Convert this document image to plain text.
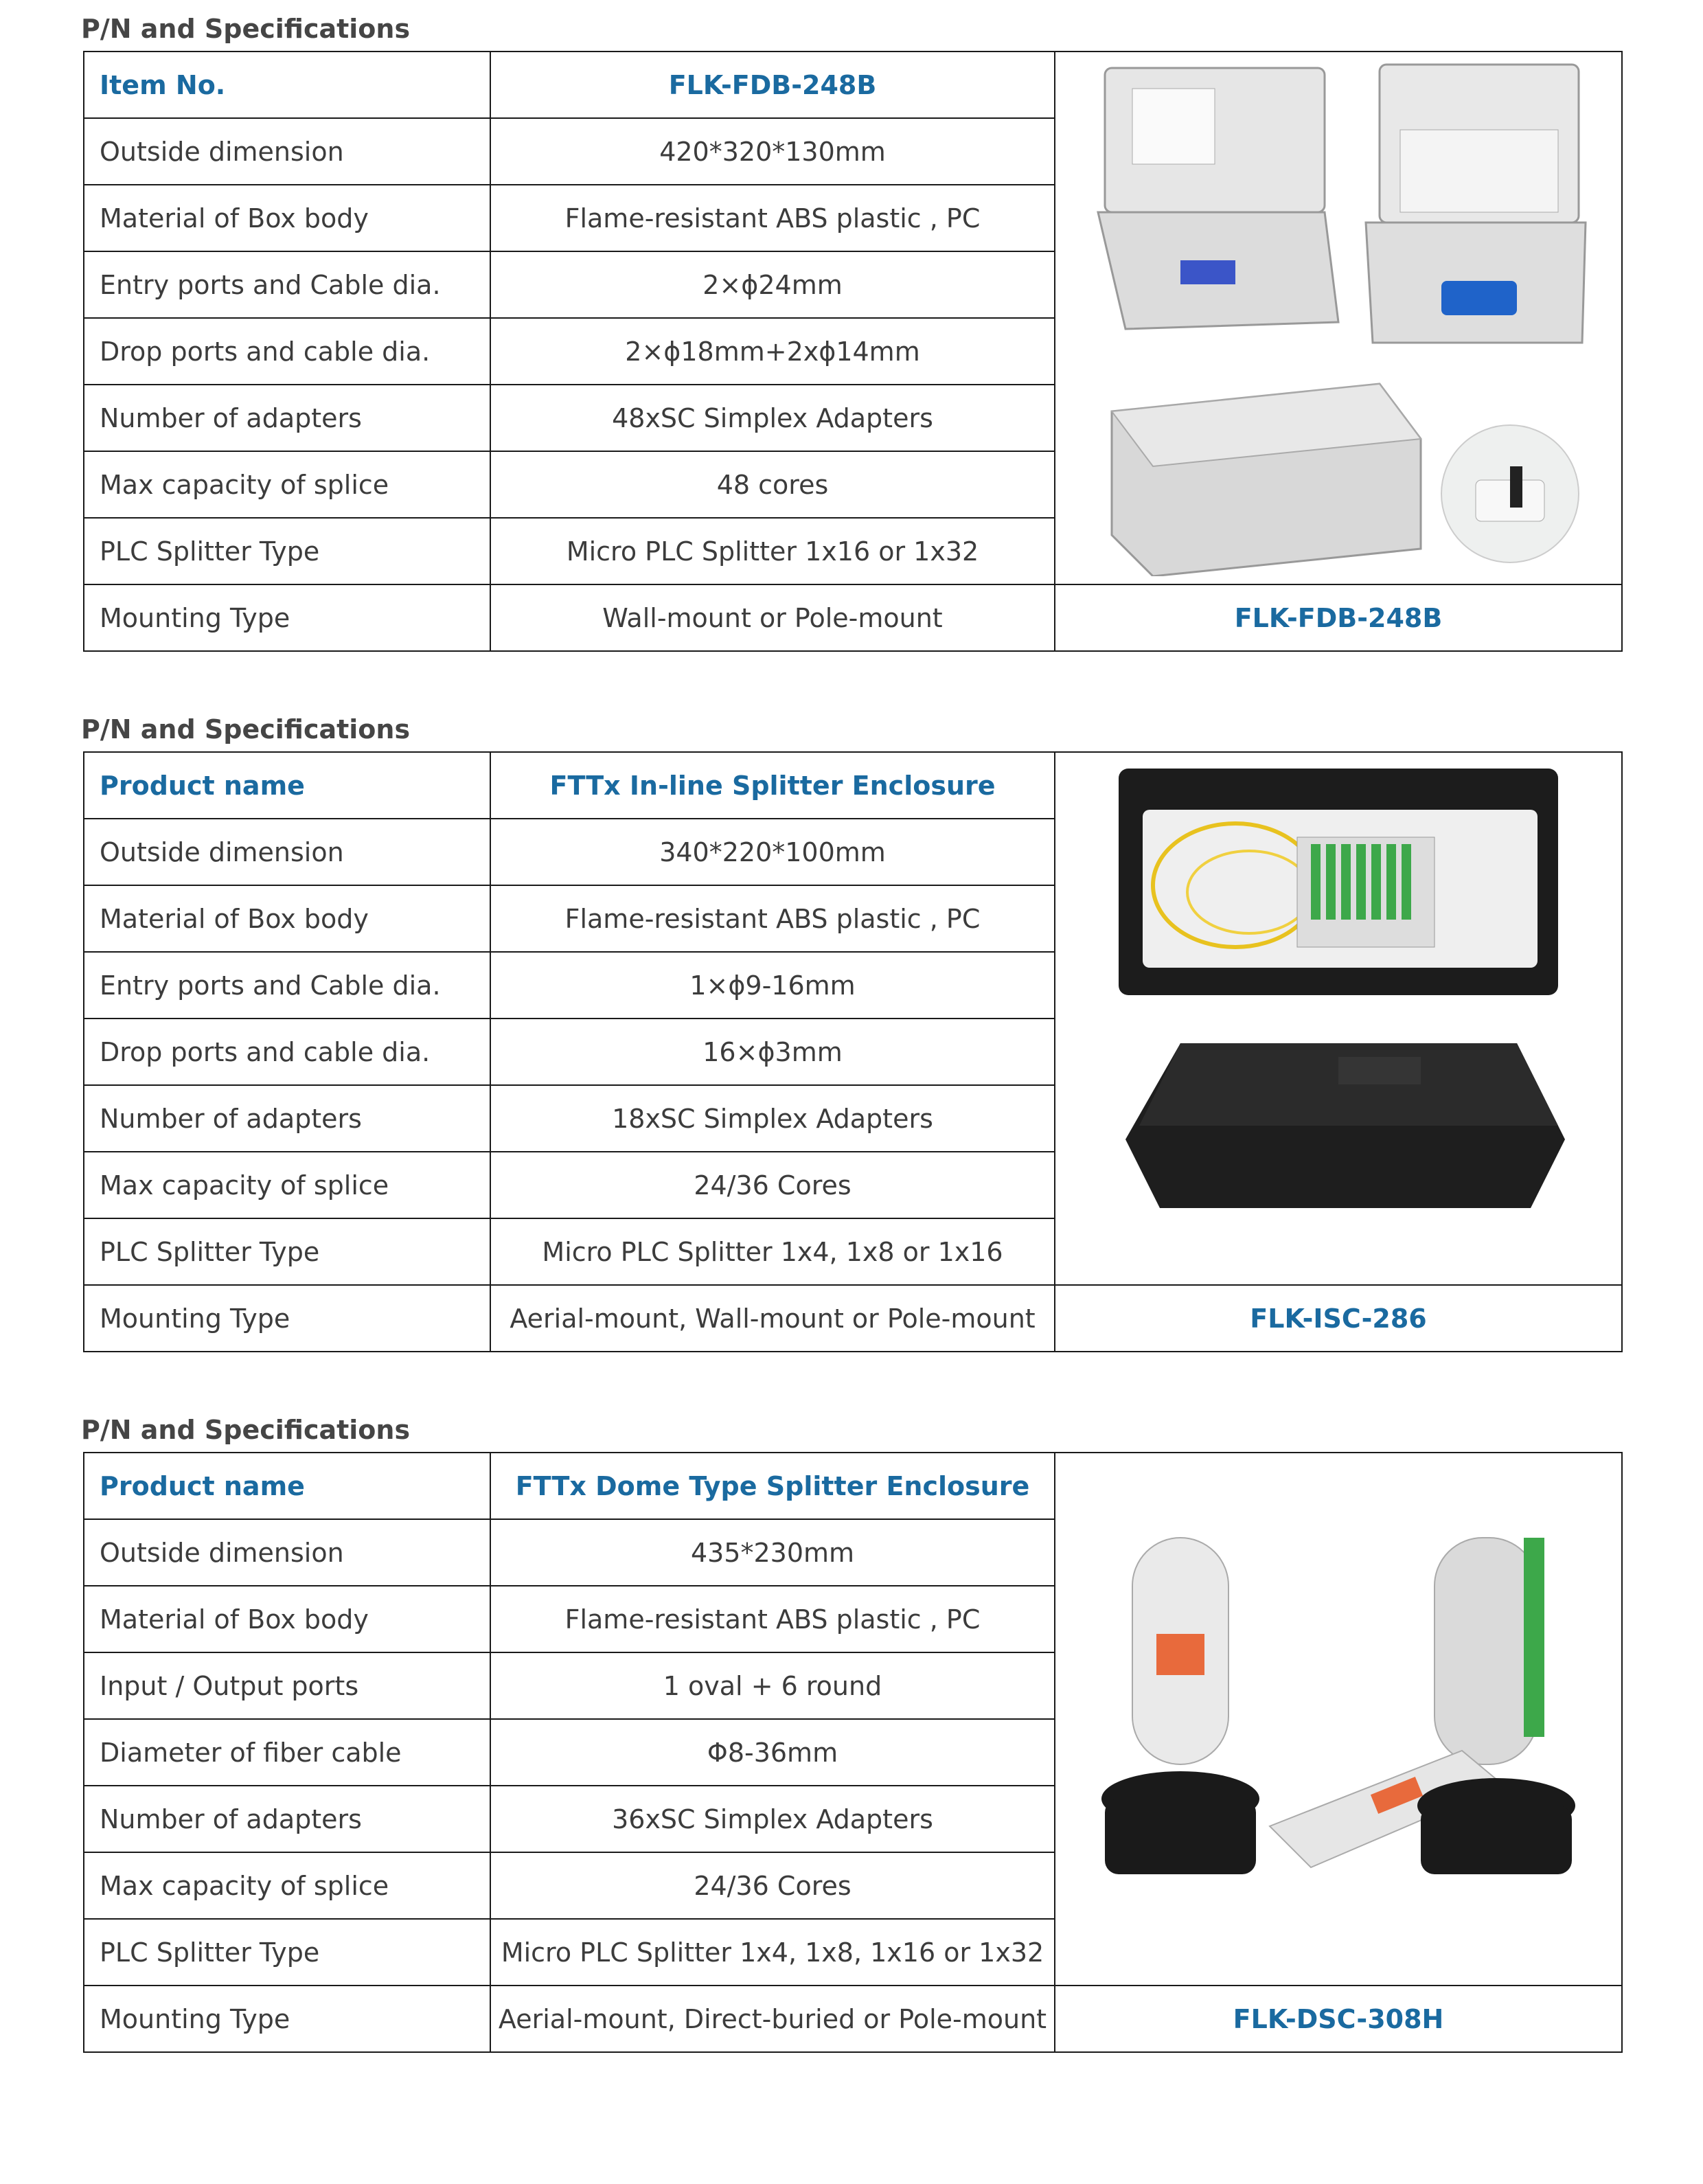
P/N and Specifications
Item No.	FLK-FDB-248B	
Outside dimension	420*320*130mm	
Material of Box body	Flame-resistant ABS plastic , PC	
Entry ports and Cable dia.	2×ϕ24mm	
Drop ports and cable dia.	2×ϕ18mm+2xϕ14mm	
Number of adapters	48xSC Simplex Adapters	
Max capacity of splice	48 cores	
PLC Splitter Type	Micro PLC Splitter 1x16 or 1x32	
Mounting Type	Wall-mount or Pole-mount	FLK-FDB-248B
P/N and Specifications
Product name	FTTx In-line Splitter Enclosure	
Outside dimension	340*220*100mm	
Material of Box body	Flame-resistant ABS plastic , PC	
Entry ports and Cable dia.	1×ϕ9-16mm	
Drop ports and cable dia.	16×ϕ3mm	
Number of adapters	18xSC Simplex Adapters	
Max capacity of splice	24/36 Cores	
PLC Splitter Type	Micro PLC Splitter 1x4, 1x8 or 1x16	
Mounting Type	Aerial-mount, Wall-mount or Pole-mount	FLK-ISC-286
P/N and Specifications
Product name	FTTx Dome Type Splitter Enclosure	
Outside dimension	435*230mm	
Material of Box body	Flame-resistant ABS plastic , PC	
Input / Output ports	1 oval + 6 round	
Diameter of fiber cable	Φ8-36mm	
Number of adapters	36xSC Simplex Adapters	
Max capacity of splice	24/36 Cores	
PLC Splitter Type	Micro PLC Splitter 1x4, 1x8, 1x16 or 1x32	
Mounting Type	Aerial-mount, Direct-buried or Pole-mount	FLK-DSC-308H
